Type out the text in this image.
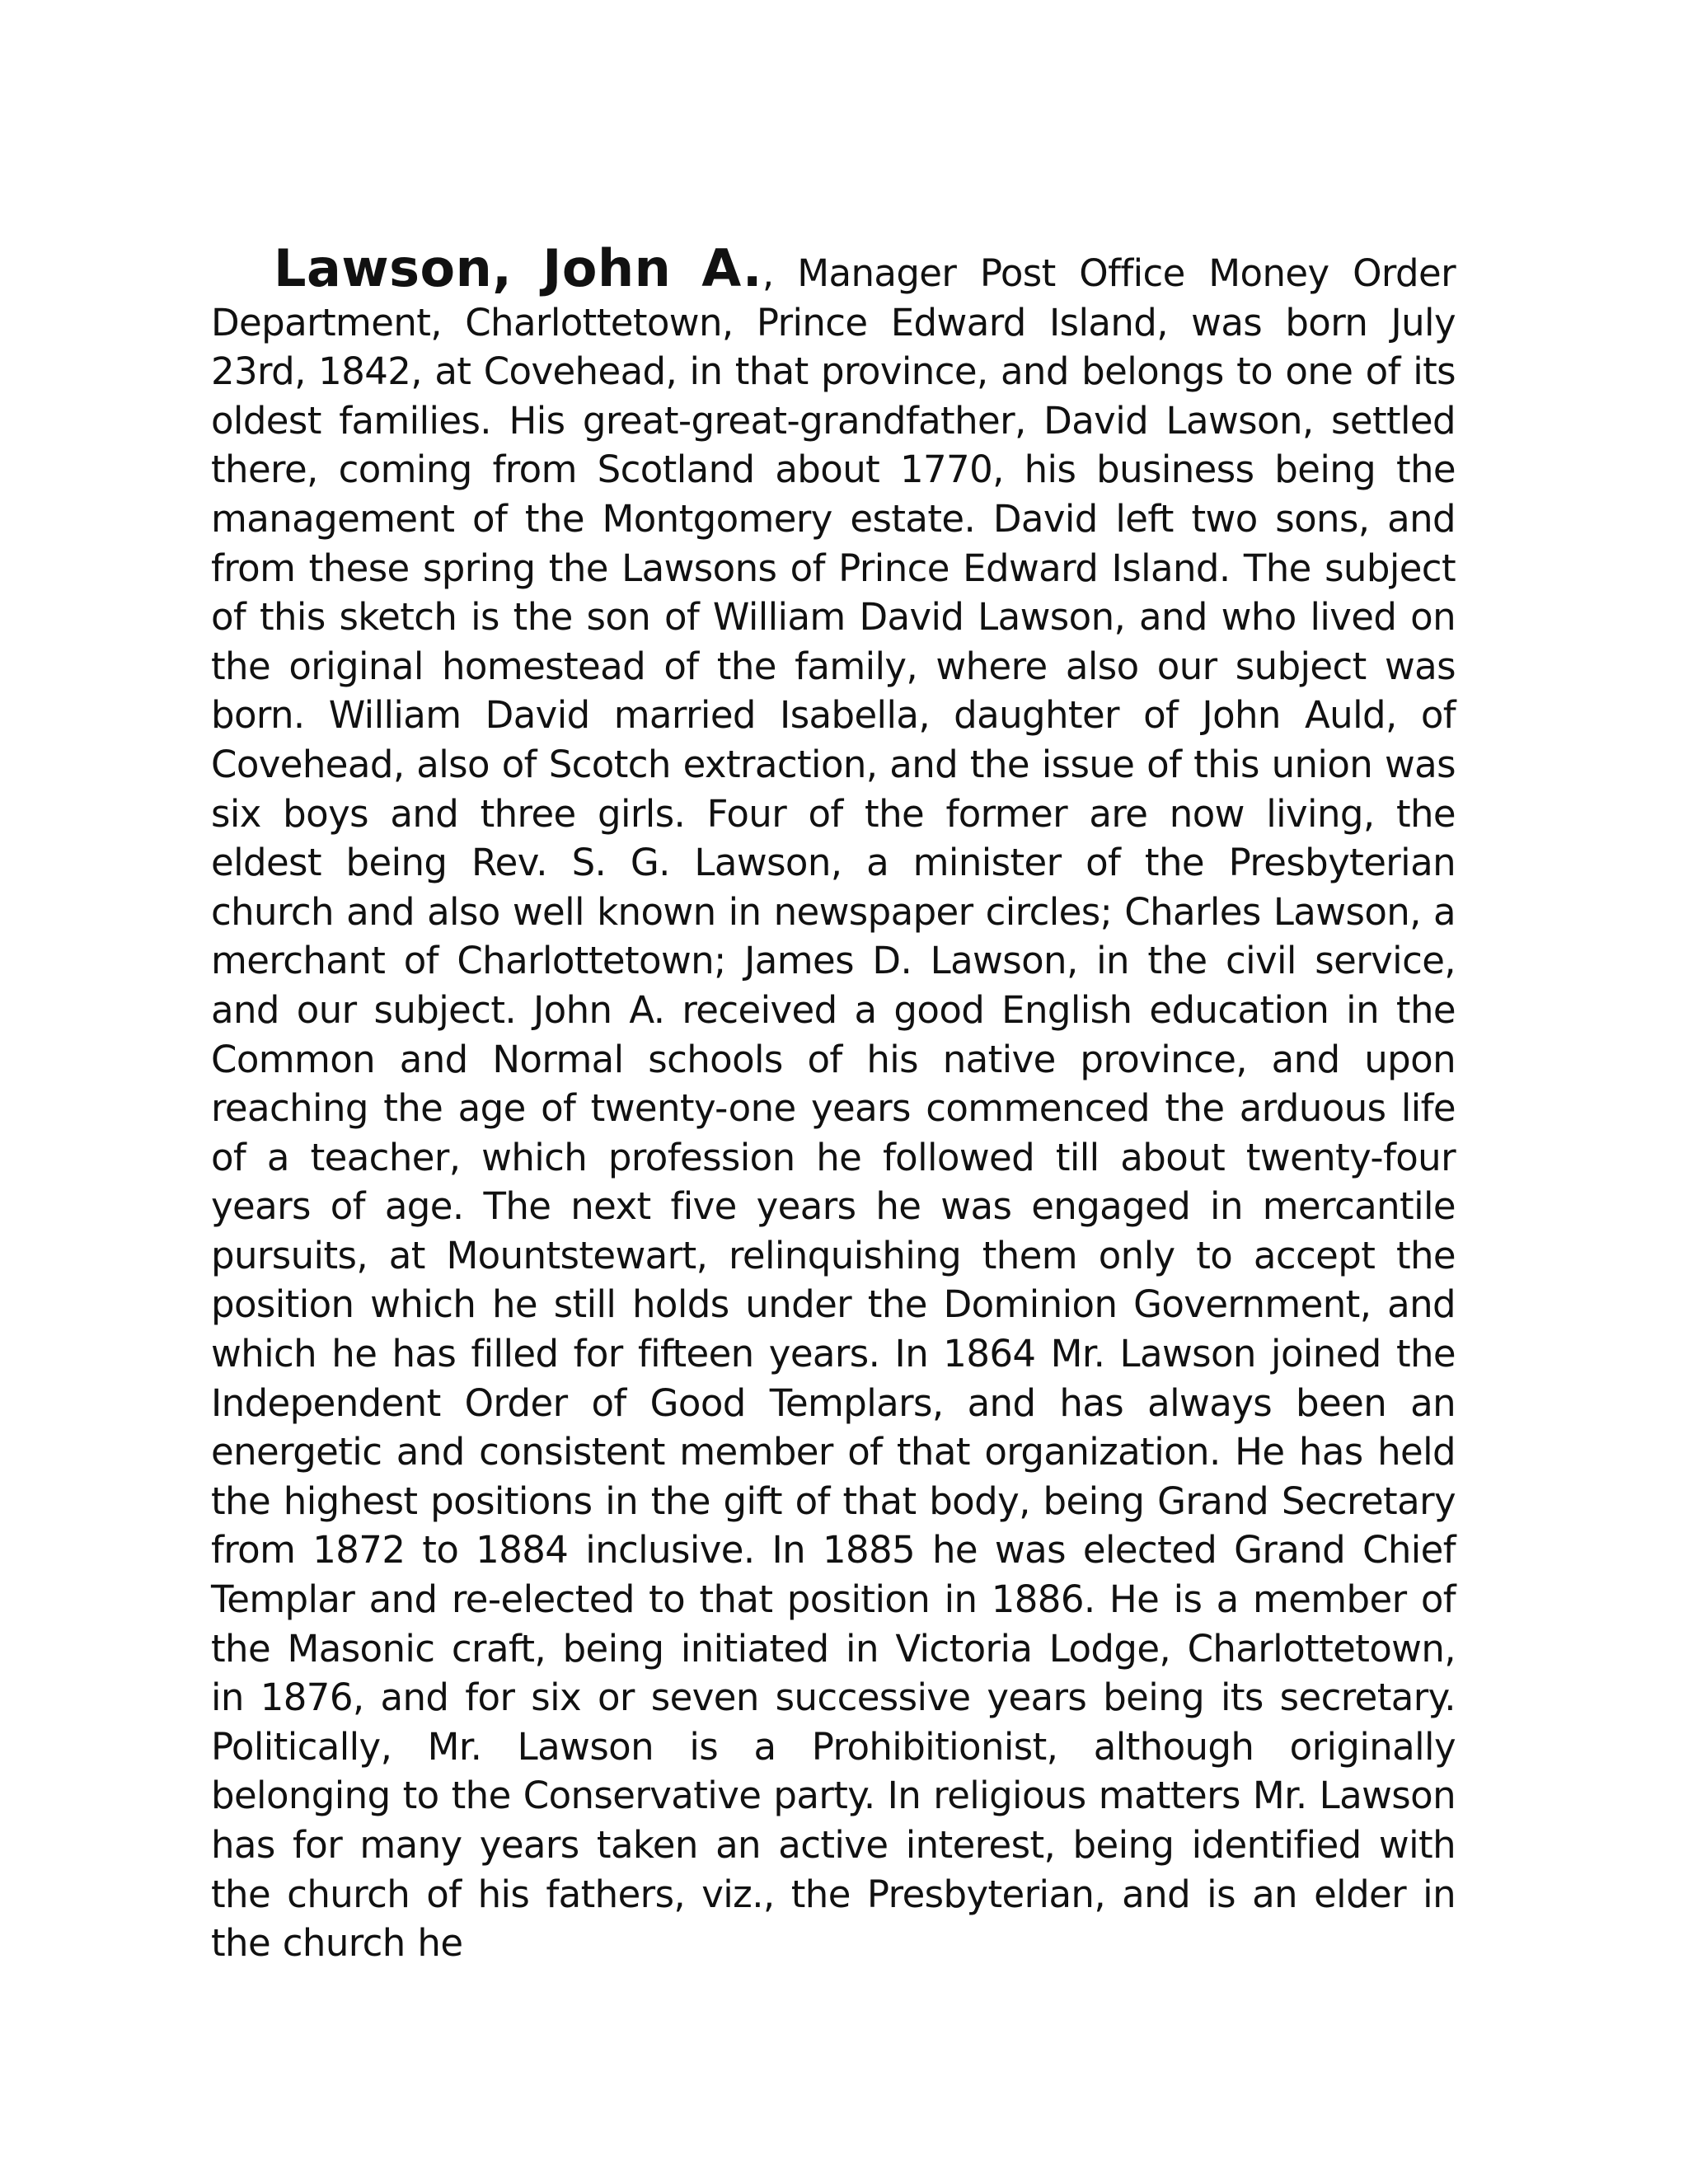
Lawson, John A., Manager Post Office Money Order Department, Charlottetown, Prince Edward Island, was born July 23rd, 1842, at Covehead, in that province, and belongs to one of its oldest families. His great-great-grandfather, David Lawson, settled there, coming from Scotland about 1770, his business being the management of the Montgomery estate. David left two sons, and from these spring the Lawsons of Prince Edward Island. The subject of this sketch is the son of William David Lawson, and who lived on the original homestead of the family, where also our subject was born. William David married Isabella, daughter of John Auld, of Covehead, also of Scotch extraction, and the issue of this union was six boys and three girls. Four of the former are now living, the eldest being Rev. S. G. Lawson, a minister of the Presbyterian church and also well known in newspaper circles; Charles Lawson, a merchant of Charlottetown; James D. Lawson, in the civil service, and our subject. John A. received a good English education in the Common and Normal schools of his native province, and upon reaching the age of twenty-one years commenced the arduous life of a teacher, which profession he followed till about twenty-four years of age. The next five years he was engaged in mercantile pursuits, at Mountstewart, relinquishing them only to accept the position which he still holds under the Dominion Government, and which he has filled for fifteen years. In 1864 Mr. Lawson joined the Independent Order of Good Templars, and has always been an energetic and consistent member of that organization. He has held the highest positions in the gift of that body, being Grand Secretary from 1872 to 1884 inclusive. In 1885 he was elected Grand Chief Templar and re-elected to that position in 1886. He is a member of the Masonic craft, being initiated in Victoria Lodge, Charlottetown, in 1876, and for six or seven successive years being its secretary. Politically, Mr. Lawson is a Prohibitionist, although originally belonging to the Conservative party. In religious matters Mr. Lawson has for many years taken an active interest, being identified with the church of his fathers, viz., the Presbyterian, and is an elder in the church he
